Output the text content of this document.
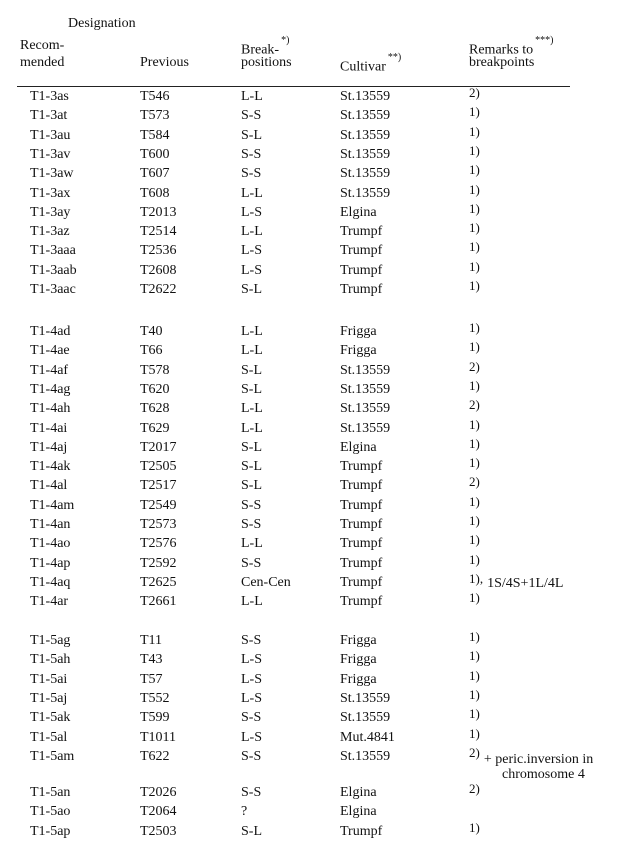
Designation
Recom-
mended	Previous
Break-*)
positions	Cultivar**)	Remarks to***)
breakpoints
T1-3as	T546	L-L	St.13559	2)
T1-3at	T573	S-S	St.13559	1)
T1-3au	T584	S-L	St.13559	1)
T1-3av	T600	S-S	St.13559	1)
T1-3aw	T607	S-S	St.13559	1)
T1-3ax	T608	L-L	St.13559	1)
T1-3ay	T2013	L-S	Elgina	1)
T1-3az	T2514	L-L	Trumpf	1)
T1-3aaa	T2536	L-S	Trumpf	1)
T1-3aab	T2608	L-S	Trumpf	1)
T1-3aac	T2622	S-L	Trumpf	1)
T1-4ad	T40	L-L	Frigga	1)
T1-4ae	T66	L-L	Frigga	1)
T1-4af	T578	S-L	St.13559	2)
T1-4ag	T620	S-L	St.13559	1)
T1-4ah	T628	L-L	St.13559	2)
T1-4ai	T629	L-L	St.13559	1)
T1-4aj	T2017	S-L	Elgina	1)
T1-4ak	T2505	S-L	Trumpf	1)
T1-4al	T2517	S-L	Trumpf	2)
T1-4am	T2549	S-S	Trumpf	1)
T1-4an	T2573	S-S	Trumpf	1)
T1-4ao	T2576	L-L	Trumpf	1)
T1-4ap	T2592	S-S	Trumpf	1)
T1-4aq	T2625	Cen-Cen	Trumpf	1), 1S/4S+1L/4L
T1-4ar	T2661	L-L	Trumpf	1)
T1-5ag	T11	S-S	Frigga	1)
T1-5ah	T43	L-S	Frigga	1)
T1-5ai	T57	L-S	Frigga	1)
T1-5aj	T552	L-S	St.13559	1)
T1-5ak	T599	S-S	St.13559	1)
T1-5al	T1011	L-S	Mut.4841	1)
T1-5am	T622	S-S	St.13559	2) + peric.inversion in
chromosome 4
T1-5an	T2026	S-S	Elgina	2)
T1-5ao	T2064	?	Elgina
T1-5ap	T2503	S-L	Trumpf	1)
